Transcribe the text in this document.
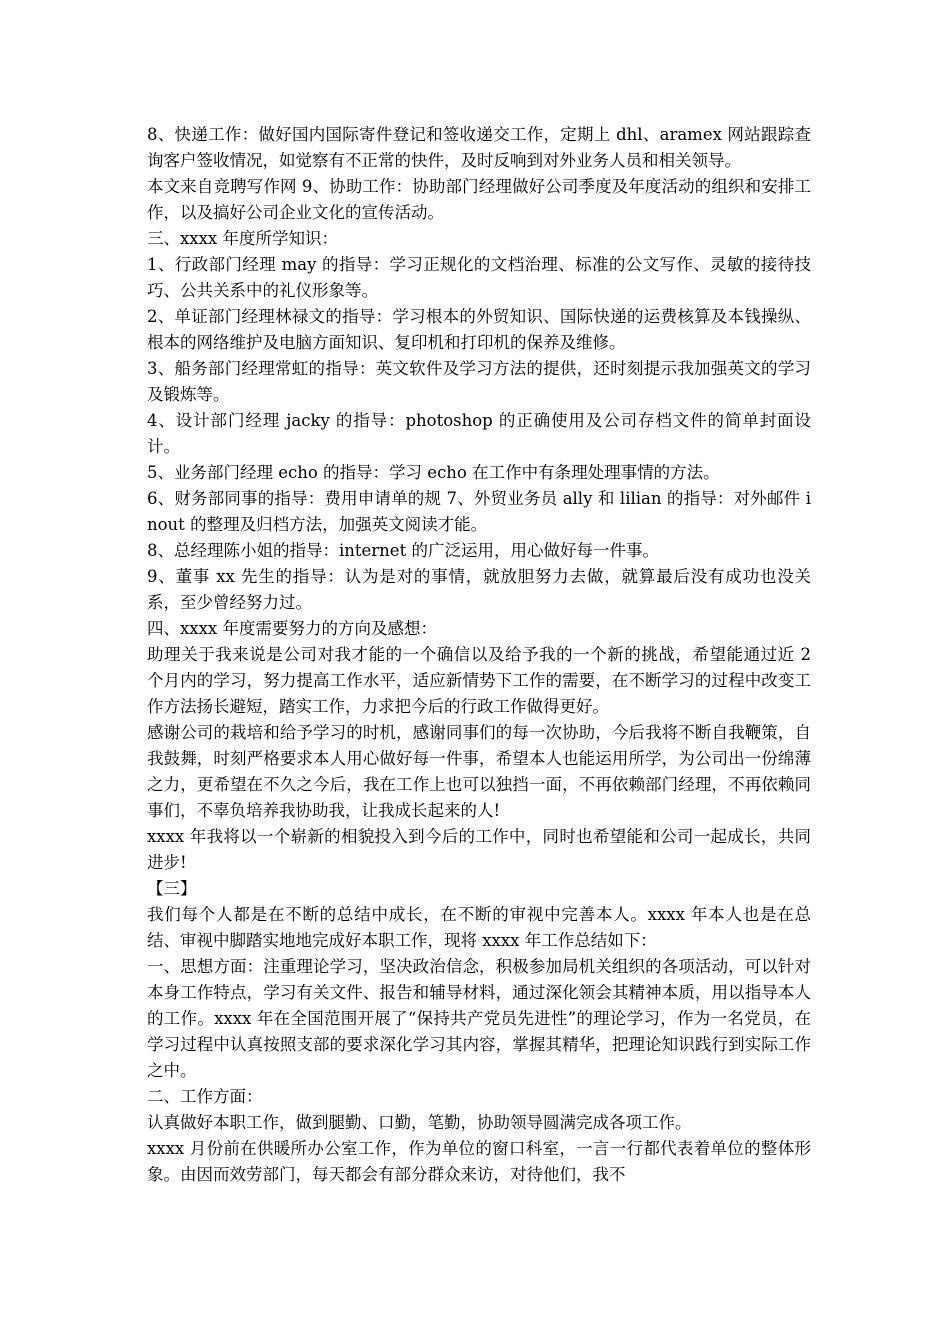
8、快递工作：做好国内国际寄件登记和签收递交工作，定期上 dhl、aramex 网站跟踪查询客户签收情况，如觉察有不正常的快件，及时反响到对外业务人员和相关领导。

本文来自竞聘写作网 9、协助工作：协助部门经理做好公司季度及年度活动的组织和安排工作，以及搞好公司企业文化的宣传活动。

三、xxxx 年度所学知识：

1、行政部门经理 may 的指导：学习正规化的文档治理、标准的公文写作、灵敏的接待技巧、公共关系中的礼仪形象等。

2、单证部门经理林禄文的指导：学习根本的外贸知识、国际快递的运费核算及本钱操纵、根本的网络维护及电脑方面知识、复印机和打印机的保养及维修。

3、船务部门经理常虹的指导：英文软件及学习方法的提供，还时刻提示我加强英文的学习及锻炼等。

4、设计部门经理 jacky 的指导：photoshop 的正确使用及公司存档文件的简单封面设计。

5、业务部门经理 echo 的指导：学习 echo 在工作中有条理处理事情的方法。

6、财务部同事的指导：费用申请单的规 7、外贸业务员 ally 和 lilian 的指导：对外邮件 inout 的整理及归档方法，加强英文阅读才能。

8、总经理陈小姐的指导：internet 的广泛运用，用心做好每一件事。

9、董事 xx 先生的指导：认为是对的事情，就放胆努力去做，就算最后没有成功也没关系，至少曾经努力过。

四、xxxx 年度需要努力的方向及感想：

助理关于我来说是公司对我才能的一个确信以及给予我的一个新的挑战，希望能通过近 2 个月内的学习，努力提高工作水平，适应新情势下工作的需要，在不断学习的过程中改变工作方法扬长避短，踏实工作，力求把今后的行政工作做得更好。

感谢公司的栽培和给予学习的时机，感谢同事们的每一次协助，今后我将不断自我鞭策，自我鼓舞，时刻严格要求本人用心做好每一件事，希望本人也能运用所学，为公司出一份绵薄之力，更希望在不久之今后，我在工作上也可以独挡一面，不再依赖部门经理，不再依赖同事们，不辜负培养我协助我，让我成长起来的人!

xxxx 年我将以一个崭新的相貌投入到今后的工作中，同时也希望能和公司一起成长，共同进步!

【三】

我们每个人都是在不断的总结中成长，在不断的审视中完善本人。xxxx 年本人也是在总结、审视中脚踏实地地完成好本职工作，现将 xxxx 年工作总结如下：

一、思想方面：注重理论学习，坚决政治信念，积极参加局机关组织的各项活动，可以针对本身工作特点，学习有关文件、报告和辅导材料，通过深化领会其精神本质，用以指导本人的工作。xxxx 年在全国范围开展了“保持共产党员先进性”的理论学习，作为一名党员，在学习过程中认真按照支部的要求深化学习其内容，掌握其精华，把理论知识践行到实际工作之中。

二、工作方面：

认真做好本职工作，做到腿勤、口勤，笔勤，协助领导圆满完成各项工作。

xxxx 月份前在供暖所办公室工作，作为单位的窗口科室，一言一行都代表着单位的整体形象。由因而效劳部门，每天都会有部分群众来访，对待他们，我不
